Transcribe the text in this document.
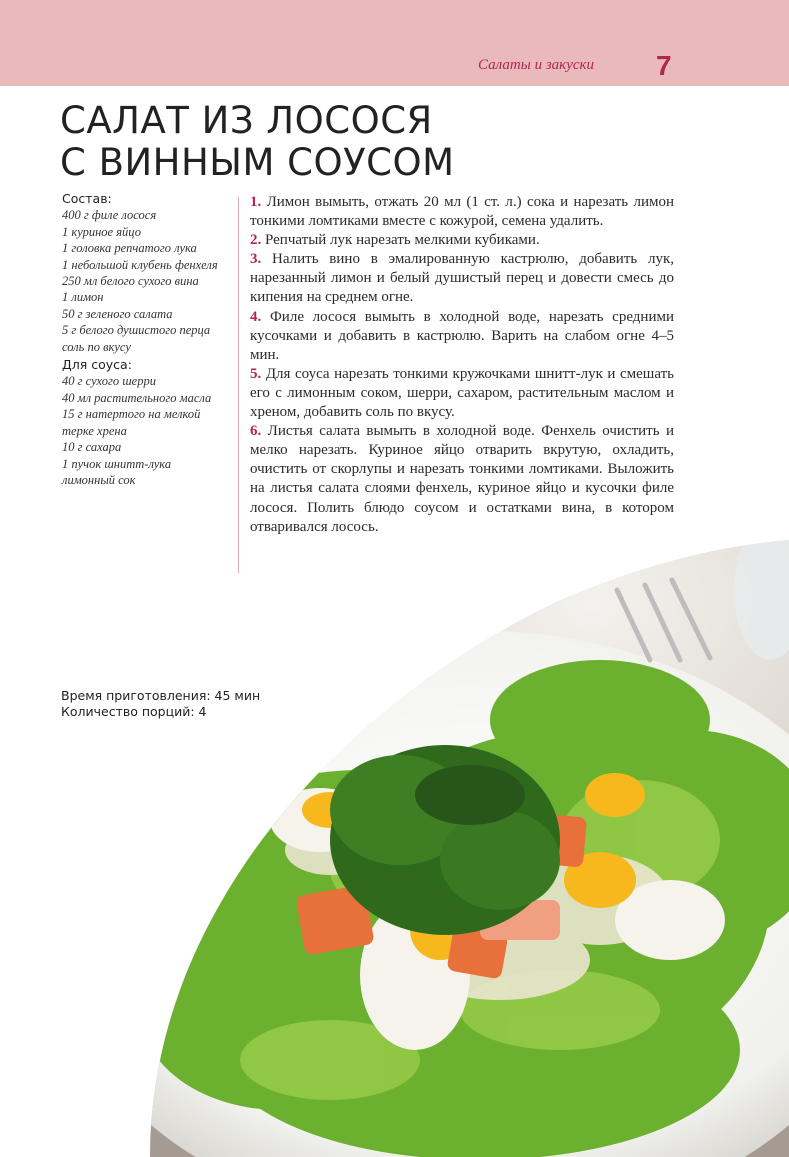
Салаты и закуски 7
САЛАТ ИЗ ЛОСОСЯ
С ВИННЫМ СОУСОМ
Состав:
400 г филе лосося
1 куриное яйцо
1 головка репчатого лука
1 небольшой клубень фенхеля
250 мл белого сухого вина
1 лимон
50 г зеленого салата
5 г белого душистого перца
соль по вкусу
Для соуса:
40 г сухого шерри
40 мл растительного масла
15 г натертого на мелкой терке хрена
10 г сахара
1 пучок шнитт-лука
лимонный сок
1. Лимон вымыть, отжать 20 мл (1 ст. л.) сока и нарезать лимон тонкими ломтиками вместе с кожурой, семена удалить.
2. Репчатый лук нарезать мелкими кубиками.
3. Налить вино в эмалированную кастрюлю, добавить лук, нарезанный лимон и белый душистый перец и довести смесь до кипения на среднем огне.
4. Филе лосося вымыть в холодной воде, нарезать средними кусочками и добавить в кастрюлю. Варить на слабом огне 4–5 мин.
5. Для соуса нарезать тонкими кружочками шнитт-лук и смешать его с лимонным соком, шерри, сахаром, растительным маслом и хреном, добавить соль по вкусу.
6. Листья салата вымыть в холодной воде. Фенхель очистить и мелко нарезать. Куриное яйцо отварить вкрутую, охладить, очистить от скорлупы и нарезать тонкими ломтиками. Выложить на листья салата слоями фенхель, куриное яйцо и кусочки филе лосося. Полить блюдо соусом и остатками вина, в котором отваривался лосось.
Время приготовления: 45 мин
Количество порций: 4
